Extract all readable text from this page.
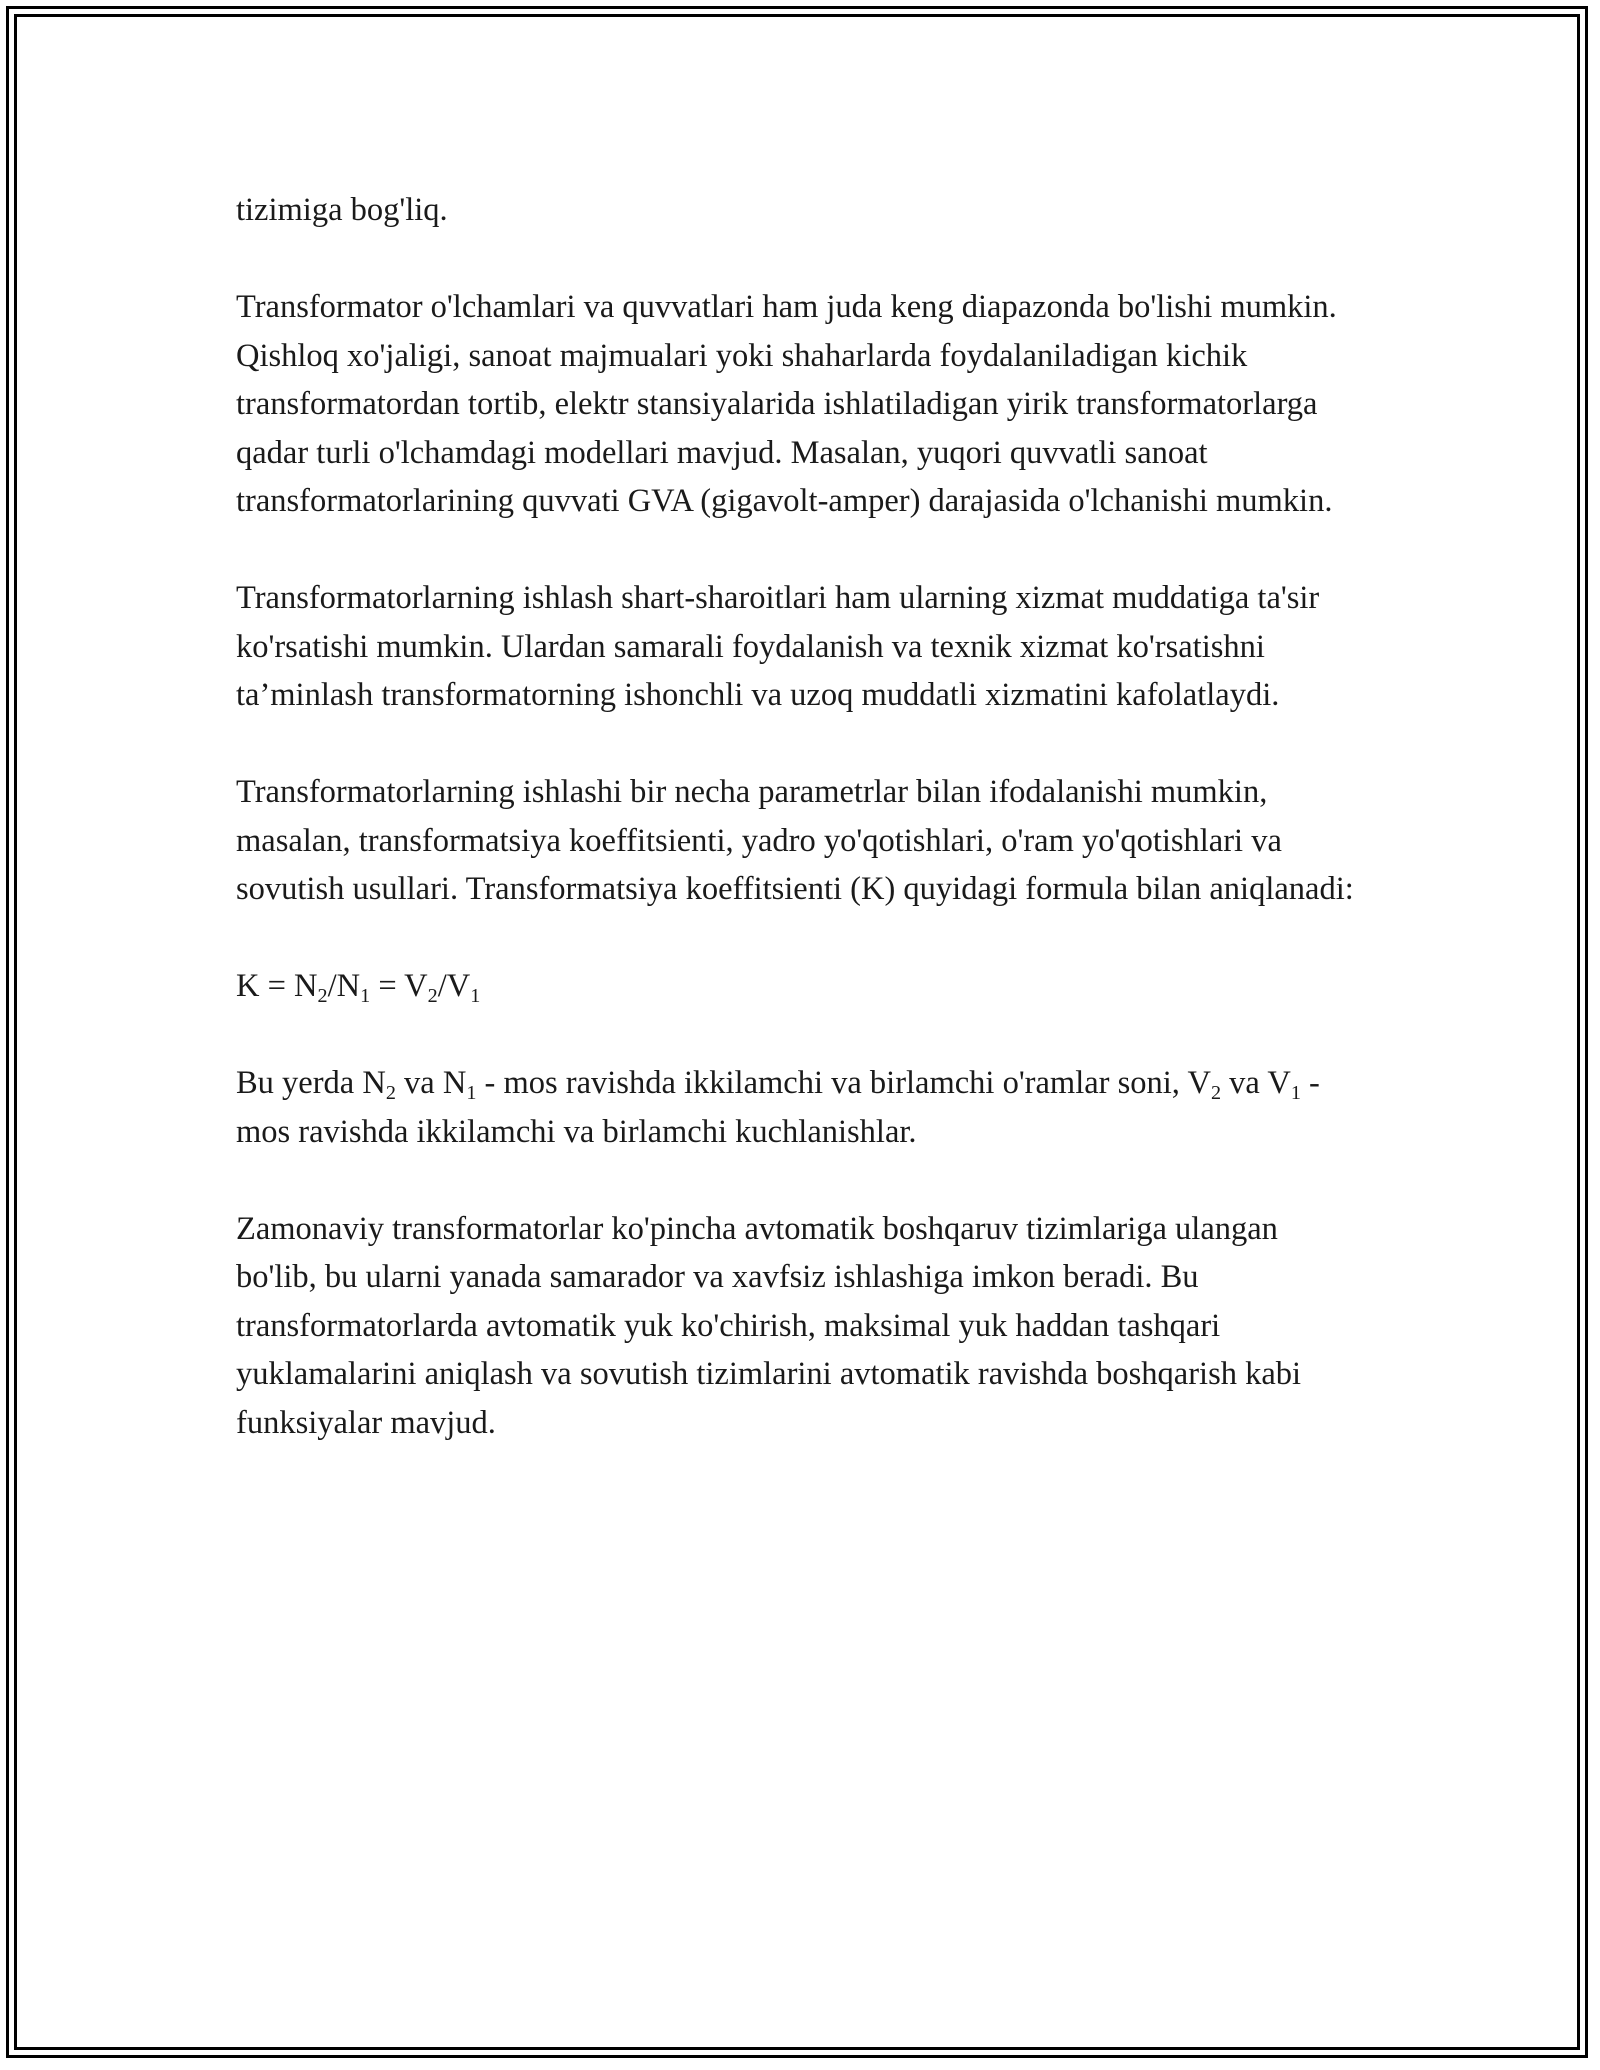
tizimiga bog'liq.

Transformator o'lchamlari va quvvatlari ham juda keng diapazonda bo'lishi mumkin. Qishloq xo'jaligi, sanoat majmualari yoki shaharlarda foydalaniladigan kichik transformatordan tortib, elektr stansiyalarida ishlatiladigan yirik transformatorlarga qadar turli o'lchamdagi modellari mavjud. Masalan, yuqori quvvatli sanoat transformatorlarining quvvati GVA (gigavolt-amper) darajasida o'lchanishi mumkin.

Transformatorlarning ishlash shart-sharoitlari ham ularning xizmat muddatiga ta'sir ko'rsatishi mumkin. Ulardan samarali foydalanish va texnik xizmat ko'rsatishni ta’minlash transformatorning ishonchli va uzoq muddatli xizmatini kafolatlaydi.

Transformatorlarning ishlashi bir necha parametrlar bilan ifodalanishi mumkin, masalan, transformatsiya koeffitsienti, yadro yo'qotishlari, o'ram yo'qotishlari va sovutish usullari. Transformatsiya koeffitsienti (K) quyidagi formula bilan aniqlanadi:

$K = N_2/N_1 = V_2/V_1$

Bu yerda $N_2$ va $N_1$ - mos ravishda ikkilamchi va birlamchi o'ramlar soni, $V_2$ va $V_1$ - mos ravishda ikkilamchi va birlamchi kuchlanishlar.

Zamonaviy transformatorlar ko'pincha avtomatik boshqaruv tizimlariga ulangan bo'lib, bu ularni yanada samarador va xavfsiz ishlashiga imkon beradi. Bu transformatorlarda avtomatik yuk ko'chirish, maksimal yuk haddan tashqari yuklamalarini aniqlash va sovutish tizimlarini avtomatik ravishda boshqarish kabi funksiyalar mavjud.
